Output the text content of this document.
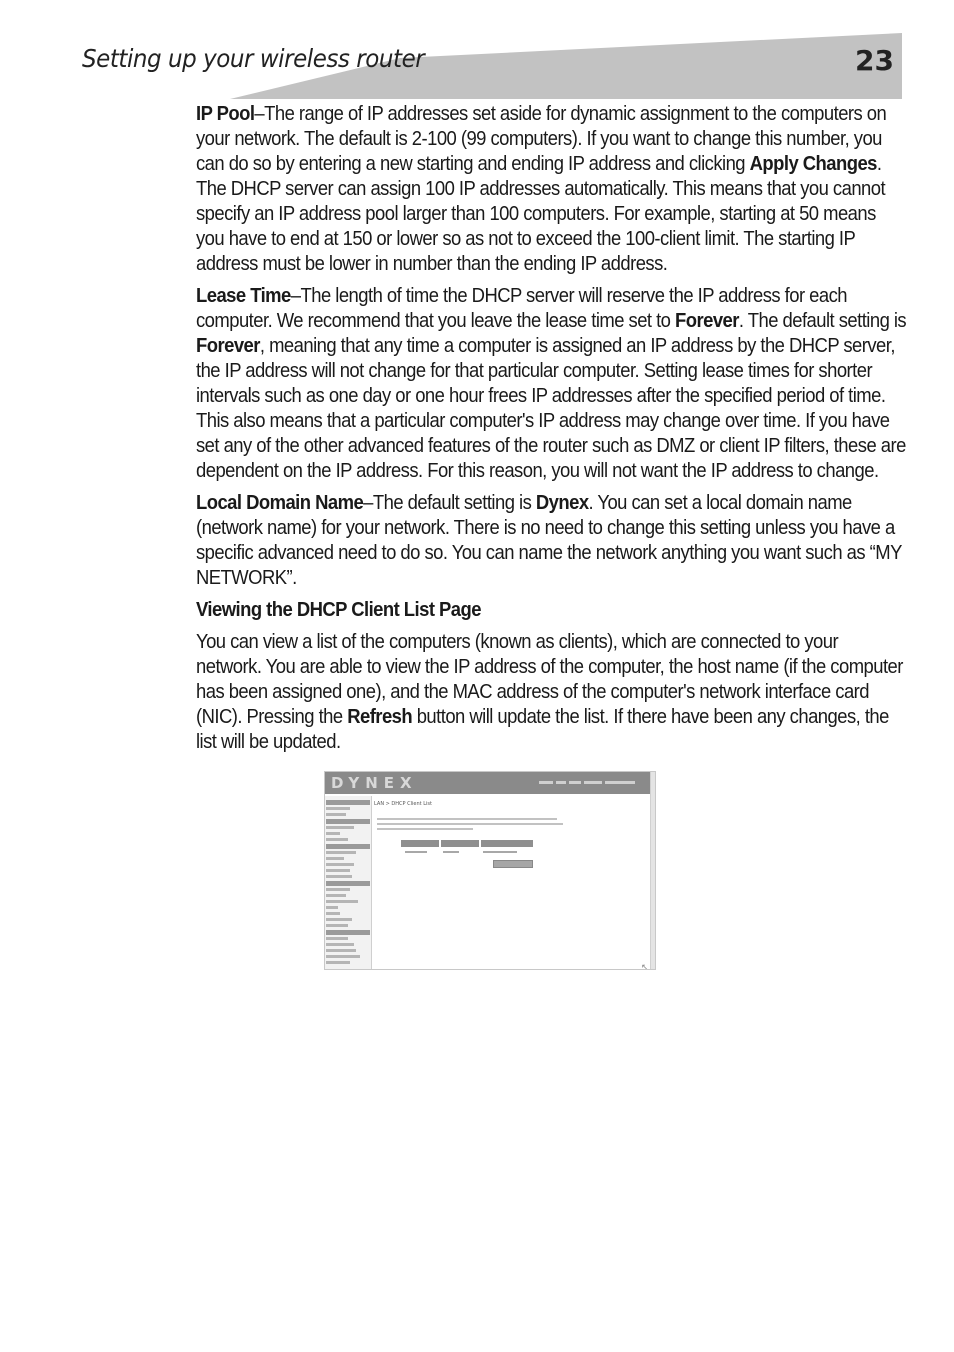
Setting up your wireless router	23

IP Pool–The range of IP addresses set aside for dynamic assignment to the computers on your network. The default is 2-100 (99 computers). If you want to change this number, you can do so by entering a new starting and ending IP address and clicking Apply Changes. The DHCP server can assign 100 IP addresses automatically. This means that you cannot specify an IP address pool larger than 100 computers. For example, starting at 50 means you have to end at 150 or lower so as not to exceed the 100-client limit. The starting IP address must be lower in number than the ending IP address.

Lease Time–The length of time the DHCP server will reserve the IP address for each computer. We recommend that you leave the lease time set to Forever. The default setting is Forever, meaning that any time a computer is assigned an IP address by the DHCP server, the IP address will not change for that particular computer. Setting lease times for shorter intervals such as one day or one hour frees IP addresses after the specified period of time. This also means that a particular computer's IP address may change over time. If you have set any of the other advanced features of the router such as DMZ or client IP filters, these are dependent on the IP address. For this reason, you will not want the IP address to change.

Local Domain Name–The default setting is Dynex. You can set a local domain name (network name) for your network. There is no need to change this setting unless you have a specific advanced need to do so. You can name the network anything you want such as “MY NETWORK”.

Viewing the DHCP Client List Page

You can view a list of the computers (known as clients), which are connected to your network. You are able to view the IP address of the computer, the host name (if the computer has been assigned one), and the MAC address of the computer's network interface card (NIC). Pressing the Refresh button will update the list. If there have been any changes, the list will be updated.

DYNEX
LAN > DHCP Client List
↖
